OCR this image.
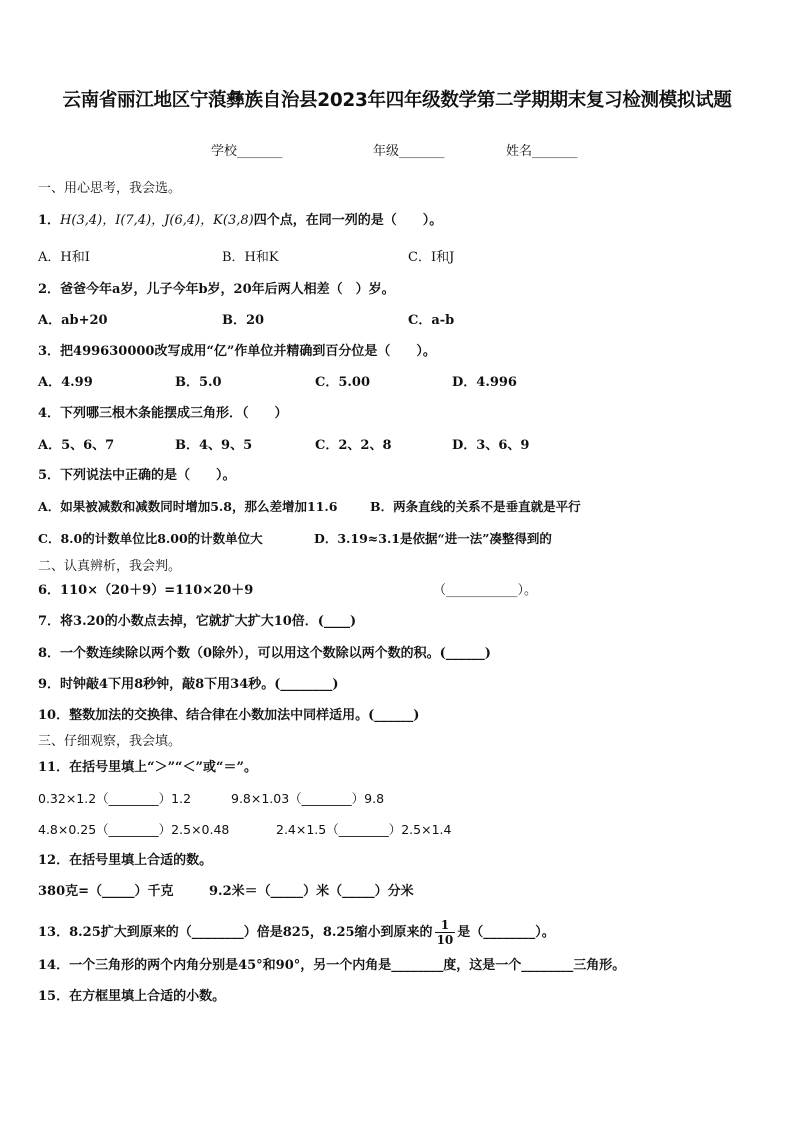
云南省丽江地区宁蒗彝族自治县2023年四年级数学第二学期期末复习检测模拟试题
学校_______	年级_______	姓名_______
一、用心思考，我会选。
1．H(3,4)，I(7,4)，J(6,4)，K(3,8)四个点，在同一列的是（　　）。
A．H和I	B．H和K	C．I和J
2．爸爸今年a岁，儿子今年b岁，20年后两人相差（　）岁。
A．ab+20	B．20	C．a-b
3．把499630000改写成用“亿”作单位并精确到百分位是（　　）。
A．4.99	B．5.0	C．5.00	D．4.996
4．下列哪三根木条能摆成三角形．（　　）
A．5、6、7	B．4、9、5	C．2、2、8	D．3、6、9
5．下列说法中正确的是（　　）。
A．如果被减数和减数同时增加5.8，那么差增加11.6	B．两条直线的关系不是垂直就是平行
C．8.0的计数单位比8.00的计数单位大	D．3.19≈3.1是依据“进一法”凑整得到的
二、认真辨析，我会判。
6．110×（20＋9）=110×20＋9	（___________）。
7．将3.20的小数点去掉，它就扩大扩大10倍．(____)
8．一个数连续除以两个数（0除外），可以用这个数除以两个数的积。(______)
9．时钟敲4下用8秒钟，敲8下用34秒。(________)
10．整数加法的交换律、结合律在小数加法中同样适用。(______)
三、仔细观察，我会填。
11．在括号里填上“＞”“＜”或“＝”。
0.32×1.2（________）1.2	9.8×1.03（________）9.8
4.8×0.25（________）2.5×0.48	2.4×1.5（________）2.5×1.4
12．在括号里填上合适的数。
380克=（_____）千克	9.2米＝（_____）米（_____）分米
13．8.25扩大到原来的（________）倍是825，8.25缩小到原来的 $\frac{1}{10}$ 是（________）。
14．一个三角形的两个内角分别是45°和90°，另一个内角是________度，这是一个________三角形。
15．在方框里填上合适的小数。
